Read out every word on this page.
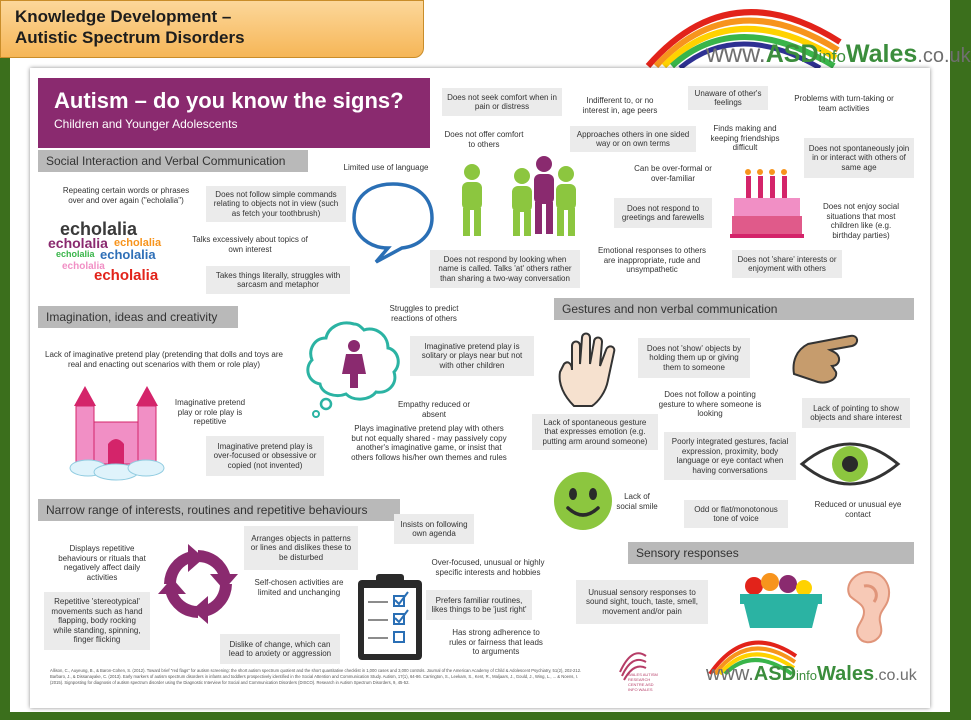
Knowledge Development –
Autistic Spectrum Disorders
www.ASDinfoWales.co.uk
Autism – do you know the signs?
Children and Younger Adolescents
Social Interaction and Verbal Communication
Imagination, ideas and creativity
Gestures and non verbal communication
Narrow range of interests, routines and repetitive behaviours
Sensory responses
Repeating certain words or phrases over and over again ("echolalia")
echolalia
echolalia echolalia
echolalia echolalia
echolalia
echolalia
Does not follow simple commands relating to objects not in view (such as fetch your toothbrush)
Talks excessively about topics of own interest
Takes things literally, struggles with sarcasm and metaphor
Limited use of language
Does not seek comfort when in pain or distress
Does not offer comfort to others
Indifferent to, or no interest in, age peers
Approaches others in one sided way or on own terms
Unaware of other's feelings
Finds making and keeping friendships difficult
Problems with turn-taking or team activities
Can be over-formal or over-familiar
Does not spontaneously join in or interact with others of same age
Does not respond to greetings and farewells
Does not enjoy social situations that most children like (e.g. birthday parties)
Does not respond by looking when name is called. Talks 'at' others rather than sharing a two-way conversation
Emotional responses to others are inappropriate, rude and unsympathetic
Does not 'share' interests or enjoyment with others
Lack of imaginative pretend play (pretending that dolls and toys are real and enacting out scenarios with them or role play)
Struggles to predict reactions of others
Imaginative pretend play is solitary or plays near but not with other children
Imaginative pretend play or role play is repetitive
Empathy reduced or absent
Imaginative pretend play is over-focused or obsessive or copied (not invented)
Plays imaginative pretend play with others but not equally shared - may passively copy another's imaginative game, or insist that others follows his/her own themes and rules
Does not 'show' objects by holding them up or giving them to someone
Does not follow a pointing gesture to where someone is looking
Lack of pointing to show objects and share interest
Lack of spontaneous gesture that expresses emotion (e.g. putting arm around someone)	Poorly integrated gestures, facial expression, proximity, body language or eye contact when having conversations
Lack of social smile	Odd or flat/monotonous tone of voice
Reduced or unusual eye contact
Displays repetitive behaviours or rituals that negatively affect daily activities
Arranges objects in patterns or lines and dislikes these to be disturbed
Insists on following own agenda
Repetitive 'stereotypical' movements such as hand flapping, body rocking while standing, spinning, finger flicking
Self-chosen activities are limited and unchanging
Over-focused, unusual or highly specific interests and hobbies
Prefers familiar routines, likes things to be 'just right'
Dislike of change, which can lead to anxiety or aggression
Has strong adherence to rules or fairness that leads to arguments
Unusual sensory responses to sound sight, touch, taste, smell, movement and/or pain
Allison, C., Auyeung, B., & Baron-Cohen, S. (2012). Toward brief "red flags" for autism screening: the short autism spectrum quotient and the short quantitative checklist in 1,000 cases and 3,000 controls. Journal of the American Academy of Child & Adolescent Psychiatry, 51(2), 202-212. Barbaro, J., & Dissanayake, C. (2013). Early markers of autism spectrum disorders in infants and toddlers prospectively identified in the Social Attention and Communication Study. Autism, 17(1), 64-86. Carrington, S., Leekam, S., Kent, R., Maljaars, J., Gould, J., Wing, L., ... & Noens, I. (2015). Signposting for diagnosis of autism spectrum disorder using the Diagnostic Interview for Social and Communication Disorders (DISCO). Research in Autism Spectrum Disorders, 9, 45-52.
WALES AUTISM RESEARCH CENTRE ASD INFO WALES
www.ASDinfoWales.co.uk
